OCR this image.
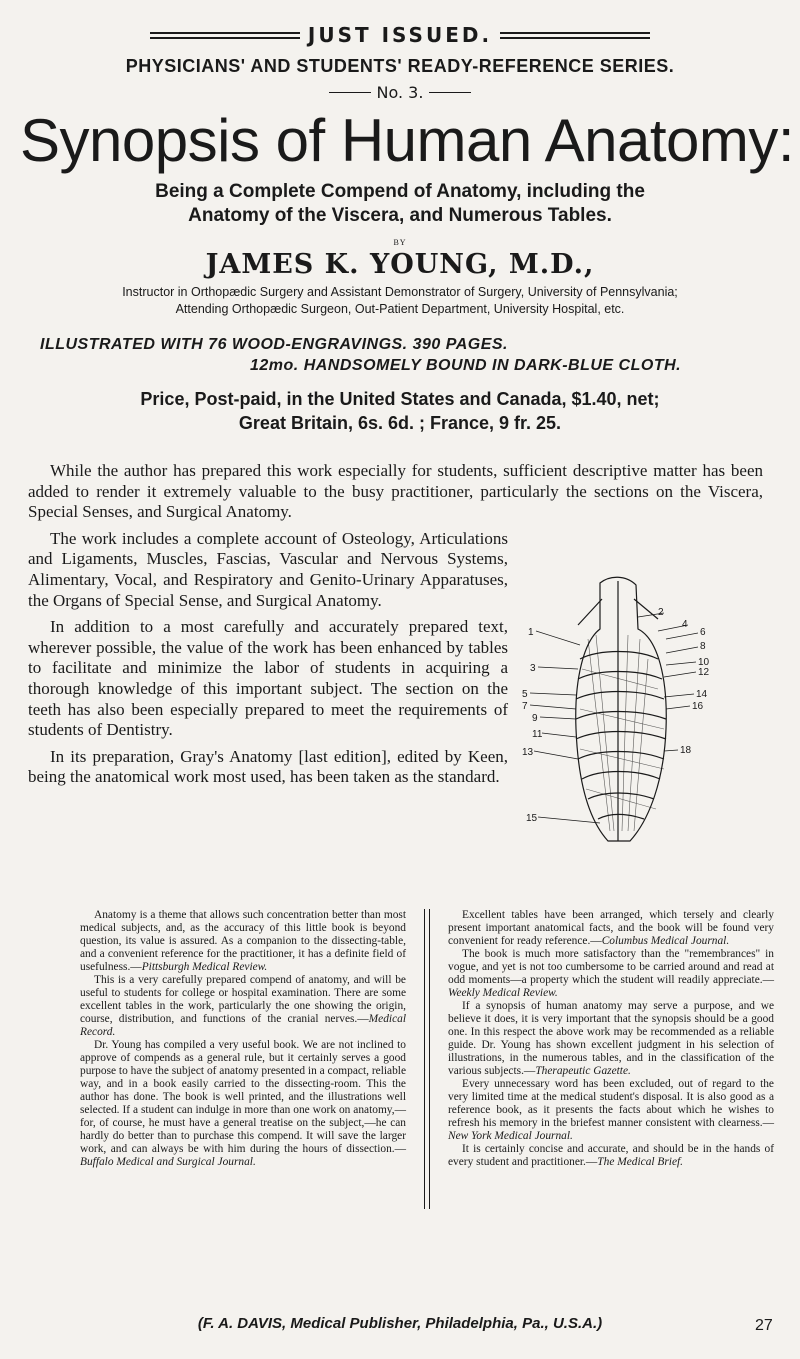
JUST ISSUED.
PHYSICIANS' AND STUDENTS' READY-REFERENCE SERIES.
No. 3.
Synopsis of Human Anatomy:
Being a Complete Compend of Anatomy, including the
Anatomy of the Viscera, and Numerous Tables.
BY
JAMES K. YOUNG, M.D.,
Instructor in Orthopædic Surgery and Assistant Demonstrator of Surgery, University of Pennsylvania;
Attending Orthopædic Surgeon, Out-Patient Department, University Hospital, etc.
ILLUSTRATED WITH 76 WOOD-ENGRAVINGS. 390 PAGES.
12mo. HANDSOMELY BOUND IN DARK-BLUE CLOTH.
Price, Post-paid, in the United States and Canada, $1.40, net;
Great Britain, 6s. 6d. ; France, 9 fr. 25.

While the author has prepared this work especially for students, sufficient descriptive matter has been added to render it extremely valuable to the busy practitioner, particularly the sections on the Viscera, Special Senses, and Surgical Anatomy.

The work includes a complete account of Osteology, Articulations and Ligaments, Muscles, Fascias, Vascular and Nervous Systems, Alimentary, Vocal, and Respiratory and Genito-Urinary Apparatuses, the Organs of Special Sense, and Surgical Anatomy.

In addition to a most carefully and accurately prepared text, wherever possible, the value of the work has been enhanced by tables to facilitate and minimize the labor of students in acquiring a thorough knowledge of this important subject. The section on the teeth has also been especially prepared to meet the requirements of students of Dentistry.

In its preparation, Gray's Anatomy [last edition], edited by Keen, being the anatomical work most used, has been taken as the standard.

2
4
6
8
10
12
14
16
18
1
3
5
7
9
11
13
15

Anatomy is a theme that allows such concentration better than most medical subjects, and, as the accuracy of this little book is beyond question, its value is assured. As a companion to the dissecting-table, and a convenient reference for the practitioner, it has a definite field of usefulness.—Pittsburgh Medical Review.

This is a very carefully prepared compend of anatomy, and will be useful to students for college or hospital examination. There are some excellent tables in the work, particularly the one showing the origin, course, distribution, and functions of the cranial nerves.—Medical Record.

Dr. Young has compiled a very useful book. We are not inclined to approve of compends as a general rule, but it certainly serves a good purpose to have the subject of anatomy presented in a compact, reliable way, and in a book easily carried to the dissecting-room. This the author has done. The book is well printed, and the illustrations well selected. If a student can indulge in more than one work on anatomy,—for, of course, he must have a general treatise on the subject,—he can hardly do better than to purchase this compend. It will save the larger work, and can always be with him during the hours of dissection.—Buffalo Medical and Surgical Journal.

Excellent tables have been arranged, which tersely and clearly present important anatomical facts, and the book will be found very convenient for ready reference.—Columbus Medical Journal.

The book is much more satisfactory than the "remembrances" in vogue, and yet is not too cumbersome to be carried around and read at odd moments—a property which the student will readily appreciate.—Weekly Medical Review.

If a synopsis of human anatomy may serve a purpose, and we believe it does, it is very important that the synopsis should be a good one. In this respect the above work may be recommended as a reliable guide. Dr. Young has shown excellent judgment in his selection of illustrations, in the numerous tables, and in the classification of the various subjects.—Therapeutic Gazette.

Every unnecessary word has been excluded, out of regard to the very limited time at the medical student's disposal. It is also good as a reference book, as it presents the facts about which he wishes to refresh his memory in the briefest manner consistent with clearness.—New York Medical Journal.

It is certainly concise and accurate, and should be in the hands of every student and practitioner.—The Medical Brief.

(F. A. DAVIS, Medical Publisher, Philadelphia, Pa., U.S.A.)	27
